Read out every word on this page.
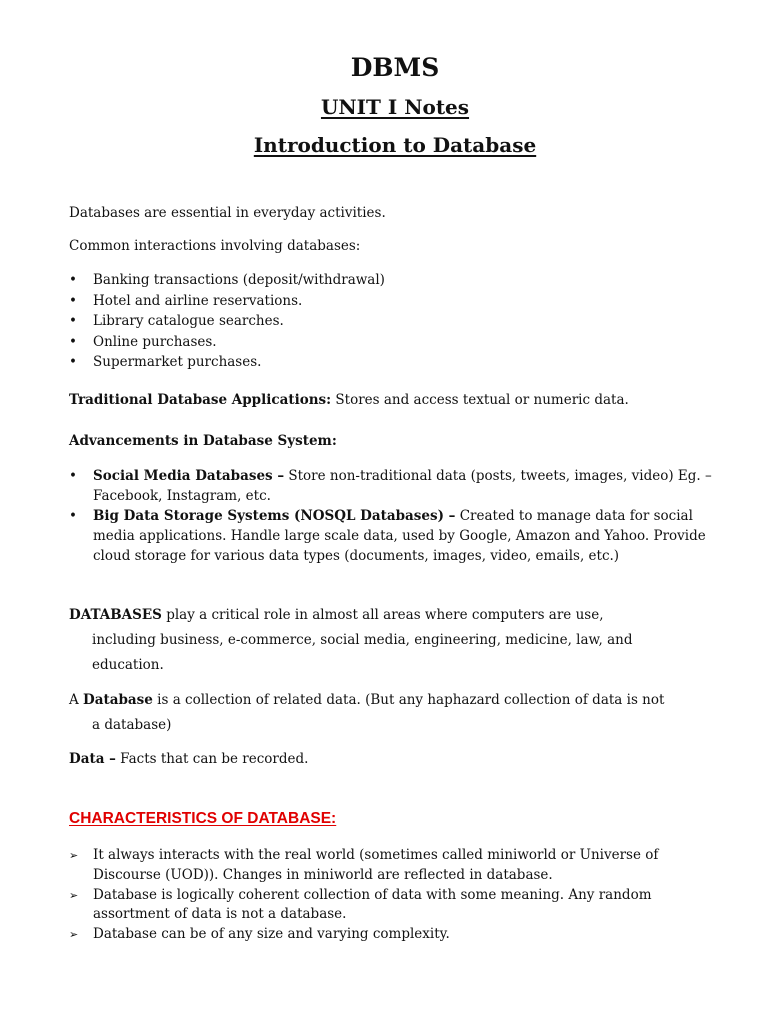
DBMS
UNIT I Notes
Introduction to Database

Databases are essential in everyday activities.

Common interactions involving databases:

•	Banking transactions (deposit/withdrawal)
•	Hotel and airline reservations.
•	Library catalogue searches.
•	Online purchases.
•	Supermarket purchases.

Traditional Database Applications: Stores and access textual or numeric data.

Advancements in Database System:

•	Social Media Databases – Store non-traditional data (posts, tweets, images, video) Eg. – Facebook, Instagram, etc.
•	Big Data Storage Systems (NOSQL Databases) – Created to manage data for social media applications. Handle large scale data, used by Google, Amazon and Yahoo. Provide cloud storage for various data types (documents, images, video, emails, etc.)

DATABASES play a critical role in almost all areas where computers are use,
including business, e-commerce, social media, engineering, medicine, law, and
education.

A Database is a collection of related data. (But any haphazard collection of data is not
a database)

Data – Facts that can be recorded.

CHARACTERISTICS OF DATABASE:
➢ It always interacts with the real world (sometimes called miniworld or Universe of Discourse (UOD)). Changes in miniworld are reflected in database.
➢ Database is logically coherent collection of data with some meaning. Any random assortment of data is not a database.
➢ Database can be of any size and varying complexity.
